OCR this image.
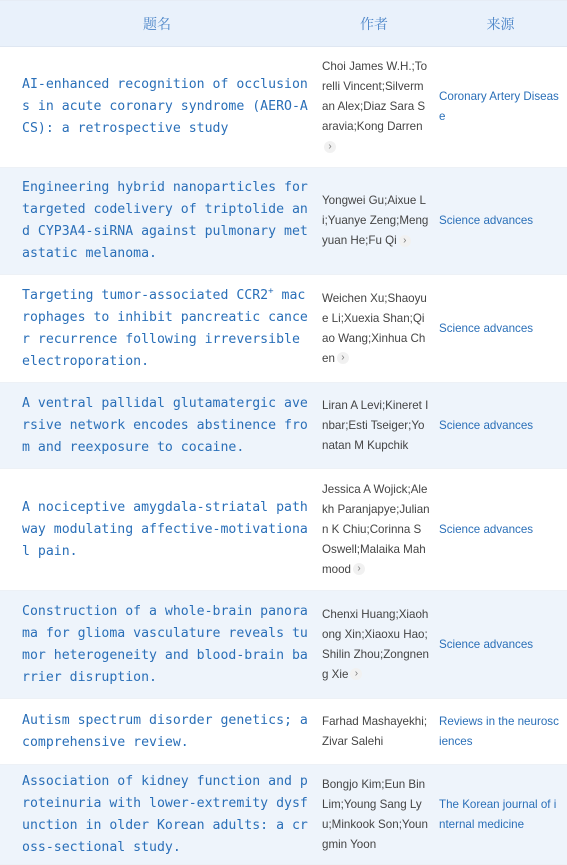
题名	作者	来源
AI-enhanced recognition of occlusions in acute coronary syndrome (AERO-ACS): a retrospective study
Choi James W.H.;Torelli Vincent;Silverman Alex;Diaz Sara Saravia;Kong Darren›
Coronary Artery Disease
Engineering hybrid nanoparticles for targeted codelivery of triptolide and CYP3A4-siRNA against pulmonary metastatic melanoma.
Yongwei Gu;Aixue Li;Yuanye Zeng;Mengyuan He;Fu Qi ›
Science advances
Targeting tumor-associated CCR2+ macrophages to inhibit pancreatic cancer recurrence following irreversible electroporation.
Weichen Xu;Shaoyue Li;Xuexia Shan;Qiao Wang;Xinhua Chen ›
Science advances
A ventral pallidal glutamatergic aversive network encodes abstinence from and reexposure to cocaine.
Liran A Levi;Kineret Inbar;Esti Tseiger;Yonatan M Kupchik
Science advances
A nociceptive amygdala-striatal pathway modulating affective-motivational pain.
Jessica A Wojick;Alekh Paranjapye;Juliann K Chiu;Corinna S Oswell;Malaika Mahmood ›
Science advances
Construction of a whole-brain panorama for glioma vasculature reveals tumor heterogeneity and blood-brain barrier disruption.
Chenxi Huang;Xiaohong Xin;Xiaoxu Hao;Shilin Zhou;Zongneng Xie ›
Science advances
Autism spectrum disorder genetics; a comprehensive review.
Farhad Mashayekhi;Zivar Salehi
Reviews in the neurosciences
Association of kidney function and proteinuria with lower-extremity dysfunction in older Korean adults: a cross-sectional study.
Bongjo Kim;Eun Bin Lim;Young Sang Lyu;Minkook Son;Youngmin Yoon
The Korean journal of internal medicine
